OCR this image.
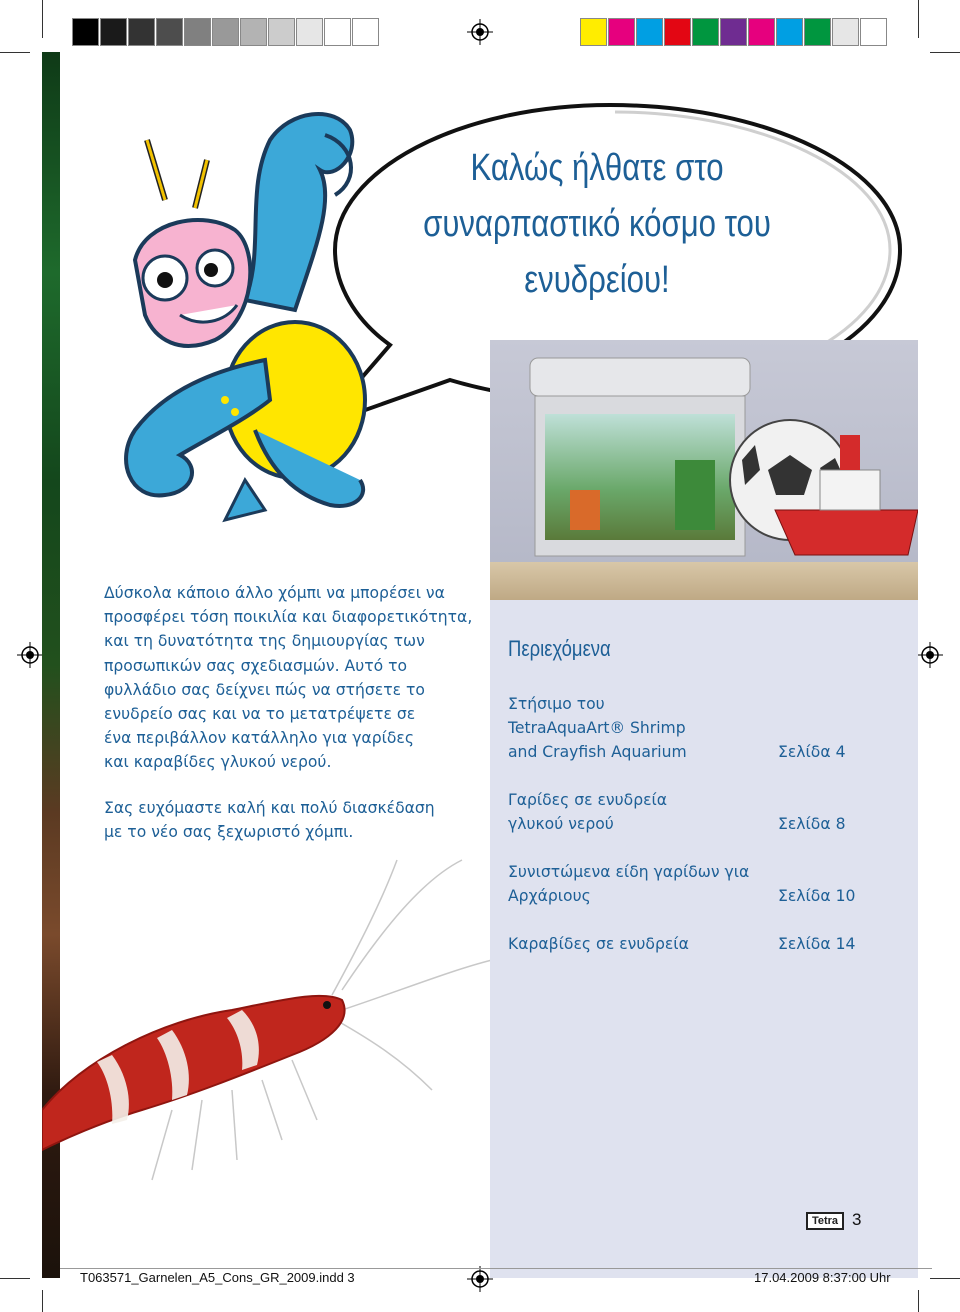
Καλώς ήλθατε στο συναρπαστικό κόσμο του ενυδρείου!
Δύσκολα κάποιο άλλο χόμπι να μπορέσει να
προσφέρει τόση ποικιλία και διαφορετικότητα,
και τη δυνατότητα της δημιουργίας των
προσωπικών σας σχεδιασμών. Αυτό το
φυλλάδιο σας δείχνει πώς να στήσετε το
ενυδρείο σας και να το μετατρέψετε σε
ένα περιβάλλον κατάλληλο για γαρίδες
και καραβίδες γλυκού νερού.
Σας ευχόμαστε καλή και πολύ διασκέδαση
με το νέο σας ξεχωριστό χόμπι.
Περιεχόμενα
Στήσιμο του
TetraAquaArt® Shrimp
and Crayfish Aquarium	Σελίδα 4
Γαρίδες σε ενυδρεία
γλυκού νερού	Σελίδα 8
Συνιστώμενα είδη γαρίδων για
Αρχάριους	Σελίδα 10
Καραβίδες σε ενυδρεία	Σελίδα 14
Tetra 3
T063571_Garnelen_A5_Cons_GR_2009.indd 3	17.04.2009 8:37:00 Uhr
